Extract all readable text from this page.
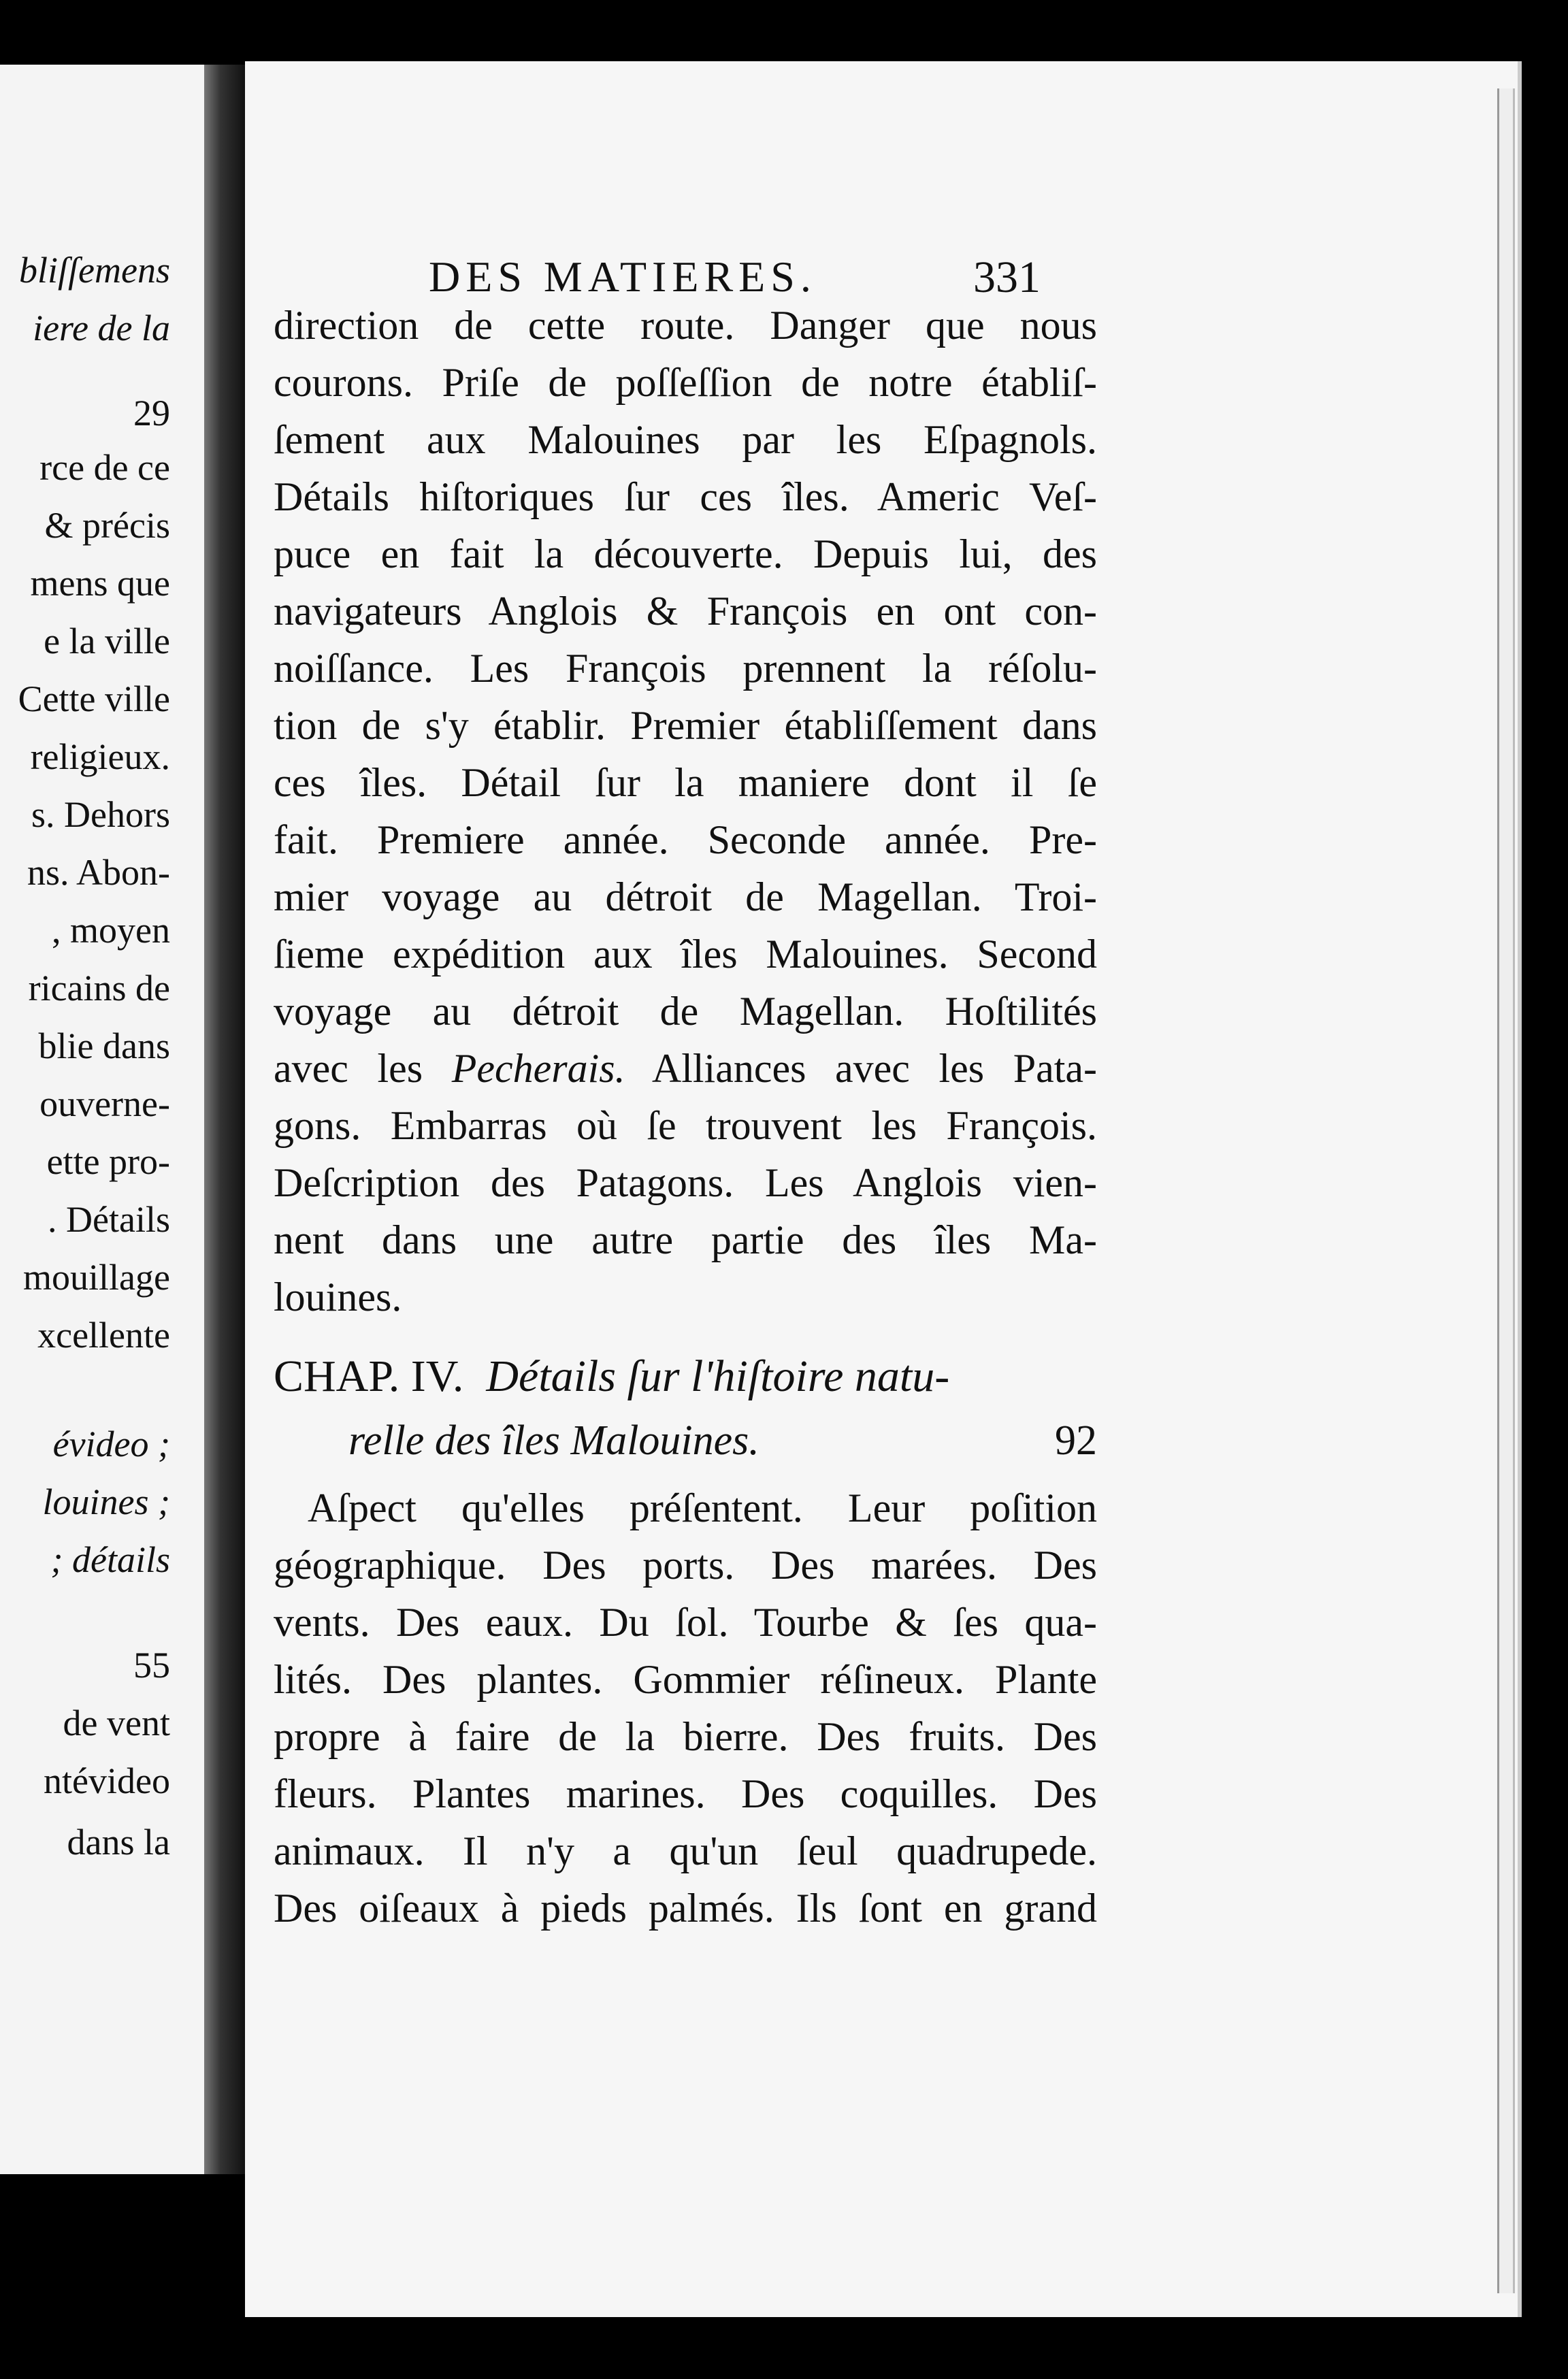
bliſſemens
iere de la
29
rce de ce
& précis
mens que
e la ville
Cette ville
religieux.
s. Dehors
ns. Abon-
, moyen
ricains de
blie dans
ouverne-
ette pro-
. Détails
mouillage
xcellente
évideo ;
louines ;
; détails
55
de vent
ntévideo
dans la
DES MATIERES.	331
direction de cette route. Danger que nous
courons. Priſe de poſſeſſion de notre établiſ-
ſement aux Malouines par les Eſpagnols.
Détails hiſtoriques ſur ces îles. Americ Veſ-
puce en fait la découverte. Depuis lui, des
navigateurs Anglois & François en ont con-
noiſſance. Les François prennent la réſolu-
tion de s'y établir. Premier établiſſement dans
ces îles. Détail ſur la maniere dont il ſe
fait. Premiere année. Seconde année. Pre-
mier voyage au détroit de Magellan. Troi-
ſieme expédition aux îles Malouines. Second
voyage au détroit de Magellan. Hoſtilités
avec les Pecherais. Alliances avec les Pata-
gons. Embarras où ſe trouvent les François.
Deſcription des Patagons. Les Anglois vien-
nent dans une autre partie des îles Ma-
louines.
CHAP. IV. Détails ſur l'hiſtoire natu-
relle des îles Malouines.	92
Aſpect qu'elles préſentent. Leur poſition
géographique. Des ports. Des marées. Des
vents. Des eaux. Du ſol. Tourbe & ſes qua-
lités. Des plantes. Gommier réſineux. Plante
propre à faire de la bierre. Des fruits. Des
fleurs. Plantes marines. Des coquilles. Des
animaux. Il n'y a qu'un ſeul quadrupede.
Des oiſeaux à pieds palmés. Ils ſont en grand
